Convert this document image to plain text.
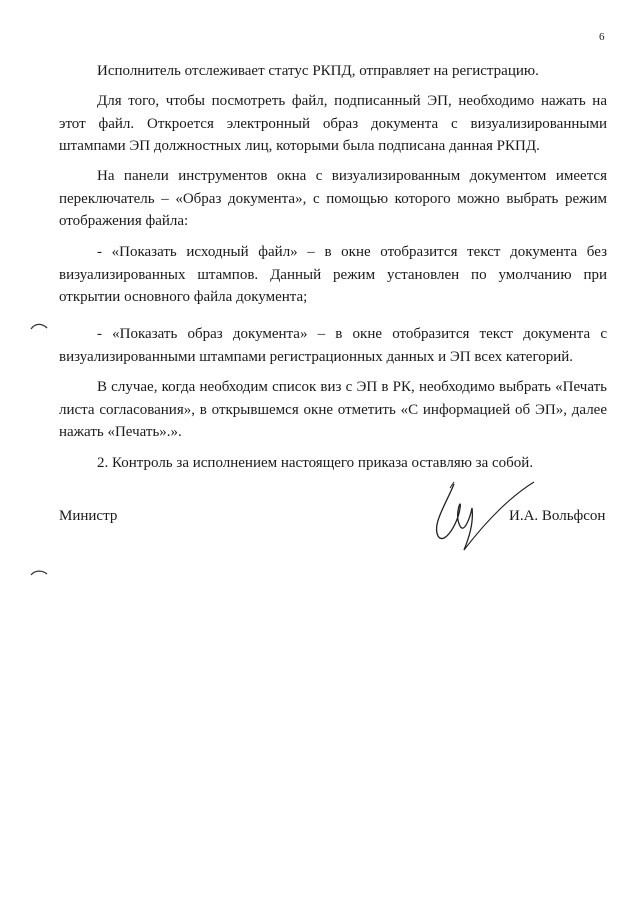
6

Исполнитель отслеживает статус РКПД, отправляет на регистрацию.

Для того, чтобы посмотреть файл, подписанный ЭП, необходимо нажать на этот файл. Откроется электронный образ документа с визуализированными штампами ЭП должностных лиц, которыми была подписана данная РКПД.

На панели инструментов окна с визуализированным документом имеется переключатель – «Образ документа», с помощью которого можно выбрать режим отображения файла:

- «Показать исходный файл» – в окне отобразится текст документа без визуализированных штампов. Данный режим установлен по умолчанию при открытии основного файла документа;

- «Показать образ документа» – в окне отобразится текст документа с визуализированными штампами регистрационных данных и ЭП всех категорий.

В случае, когда необходим список виз с ЭП в РК, необходимо выбрать «Печать листа согласования», в открывшемся окне отметить «С информацией об ЭП», далее нажать «Печать».».

2. Контроль за исполнением настоящего приказа оставляю за собой.

Министр	И.А. Вольфсон
